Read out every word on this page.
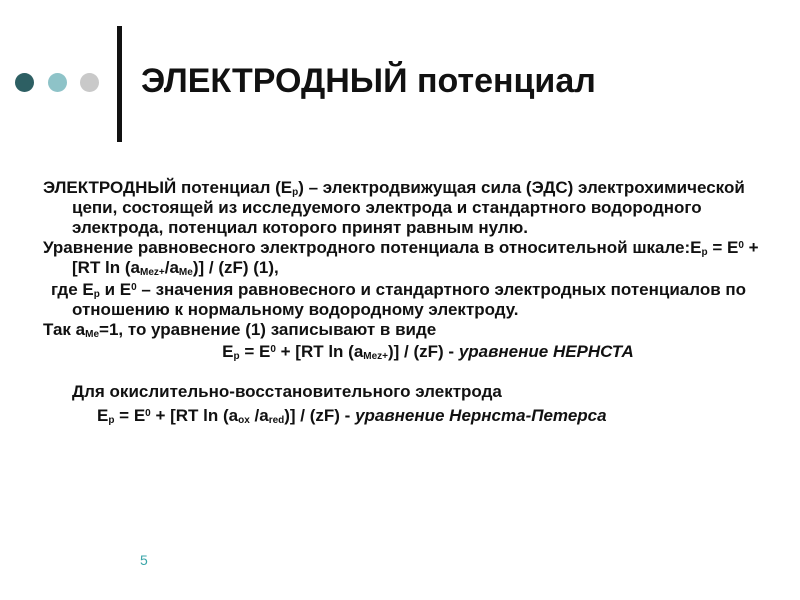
ЭЛЕКТРОДНЫЙ потенциал

ЭЛЕКТРОДНЫЙ потенциал $(Е_р)$ – электродвижущая сила (ЭДС) электрохимической цепи, состоящей из исследуемого электрода и стандартного водородного электрода, потенциал которого принят равным нулю.

Уравнение равновесного электродного потенциала в относительной $шкале:Е_р = Е^0 + [RT$ $\ln (a_{Mez+}/a_{Me})] / (zF)$ (1),

где $Е_р$ и $Е^0$ – значения равновесного и стандартного электродных потенциалов по отношению к нормальному водородному электроду.

Так $a_{Me}=1$, то уравнение (1) записывают в виде

$Е_р = Е^0 + [RT$ $\ln (a_{Mez+})] / (zF)$ - уравнение НЕРНСТА

Для окислительно-восстановительного электрода

$Е_р = Е^0 + [RT$ $\ln (a_{ox}$ $/a_{red})] / (zF)$ - уравнение Нернста-Петерса

5
